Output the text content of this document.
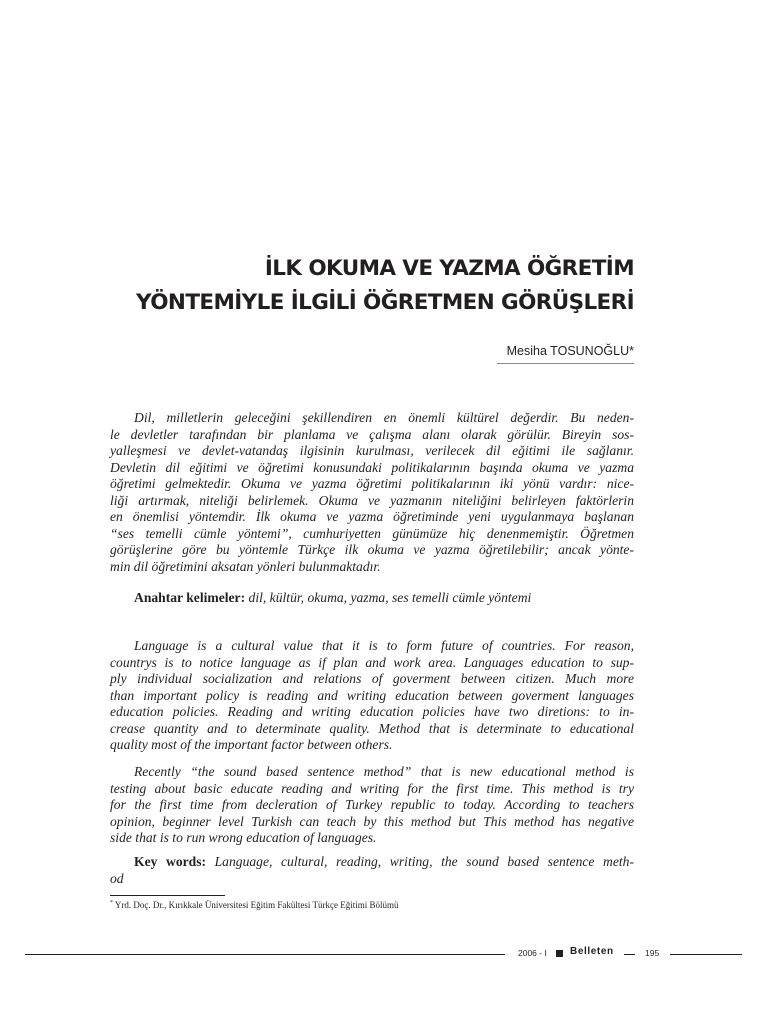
İLK OKUMA VE YAZMA ÖĞRETİM
YÖNTEMİYLE İLGİLİ ÖĞRETMEN GÖRÜŞLERİ
Mesiha TOSUNOĞLU*
Dil, milletlerin geleceğini şekillendiren en önemli kültürel değerdir. Bu neden-
le devletler tarafından bir planlama ve çalışma alanı olarak görülür. Bireyin sos-
yalleşmesi ve devlet-vatandaş ilgisinin kurulması, verilecek dil eğitimi ile sağlanır.
Devletin dil eğitimi ve öğretimi konusundaki politikalarının başında okuma ve yazma
öğretimi gelmektedir. Okuma ve yazma öğretimi politikalarının iki yönü vardır: nice-
liği artırmak, niteliği belirlemek. Okuma ve yazmanın niteliğini belirleyen faktörlerin
en önemlisi yöntemdir. İlk okuma ve yazma öğretiminde yeni uygulanmaya başlanan
“ses temelli cümle yöntemi”, cumhuriyetten günümüze hiç denenmemiştir. Öğretmen
görüşlerine göre bu yöntemle Türkçe ilk okuma ve yazma öğretilebilir; ancak yönte-
min dil öğretimini aksatan yönleri bulunmaktadır.
Anahtar kelimeler: dil, kültür, okuma, yazma, ses temelli cümle yöntemi
Language is a cultural value that it is to form future of countries. For reason,
countrys is to notice language as if plan and work area. Languages education to sup-
ply individual socialization and relations of goverment between citizen. Much more
than important policy is reading and writing education between goverment languages
education policies. Reading and writing education policies have two diretions: to in-
crease quantity and to determinate quality. Method that is determinate to educational
quality most of the important factor between others.
Recently “the sound based sentence method” that is new educational method is
testing about basic educate reading and writing for the first time. This method is try
for the first time from decleration of Turkey republic to today. According to teachers
opinion, beginner level Turkish can teach by this method but This method has negative
side that is to run wrong education of languages.
Key words: Language, cultural, reading, writing, the sound based sentence meth-
od
* Yrd. Doç. Dr., Kırıkkale Üniversitesi Eğitim Fakültesi Türkçe Eğitimi Bölümü
2006 - I Belleten	195
